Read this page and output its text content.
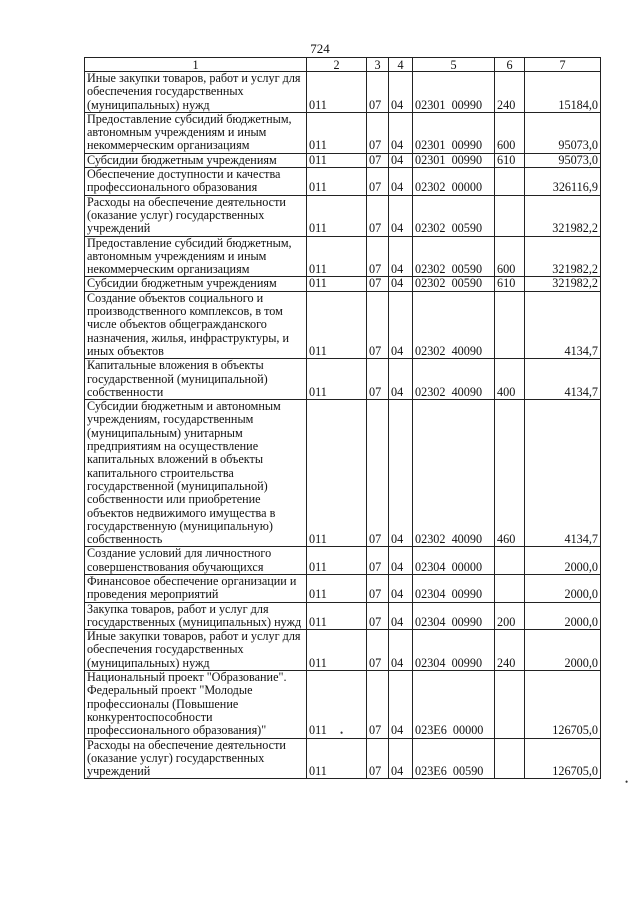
724
1	2	3	4	5	6	7
Иные закупки товаров, работ и услуг для обеспечения государственных (муниципальных) нужд	011	07	04	02301  00990	240	15184,0
Предоставление субсидий бюджетным, автономным учреждениям и иным некоммерческим организациям	011	07	04	02301  00990	600	95073,0
Субсидии бюджетным учреждениям	011	07	04	02301  00990	610	95073,0
Обеспечение доступности и качества профессионального образования	011	07	04	02302  00000		326116,9
Расходы на обеспечение деятельности (оказание услуг) государственных учреждений	011	07	04	02302  00590		321982,2
Предоставление субсидий бюджетным, автономным учреждениям и иным некоммерческим организациям	011	07	04	02302  00590	600	321982,2
Субсидии бюджетным учреждениям	011	07	04	02302  00590	610	321982,2
Создание объектов социального и производственного комплексов, в том числе объектов общегражданского назначения, жилья, инфраструктуры, и иных объектов	011	07	04	02302  40090		4134,7
Капитальные вложения в объекты государственной (муниципальной) собственности	011	07	04	02302  40090	400	4134,7
Субсидии бюджетным и автономным учреждениям, государственным (муниципальным) унитарным предприятиям на осуществление капитальных вложений в объекты капитального строительства государственной (муниципальной) собственности или приобретение объектов недвижимого имущества в государственную (муниципальную) собственность	011	07	04	02302  40090	460	4134,7
Создание условий для личностного совершенствования обучающихся	011	07	04	02304  00000		2000,0
Финансовое обеспечение организации и проведения мероприятий	011	07	04	02304  00990		2000,0
Закупка товаров, работ и услуг для государственных (муниципальных) нужд	011	07	04	02304  00990	200	2000,0
Иные закупки товаров, работ и услуг для обеспечения государственных (муниципальных) нужд	011	07	04	02304  00990	240	2000,0
Национальный проект "Образование". Федеральный проект "Молодые профессионалы (Повышение конкурентоспособности профессионального образования)"	011	07	04	023E6  00000		126705,0
Расходы на обеспечение деятельности (оказание услуг) государственных учреждений	011	07	04	023E6  00590		126705,0
•
•
